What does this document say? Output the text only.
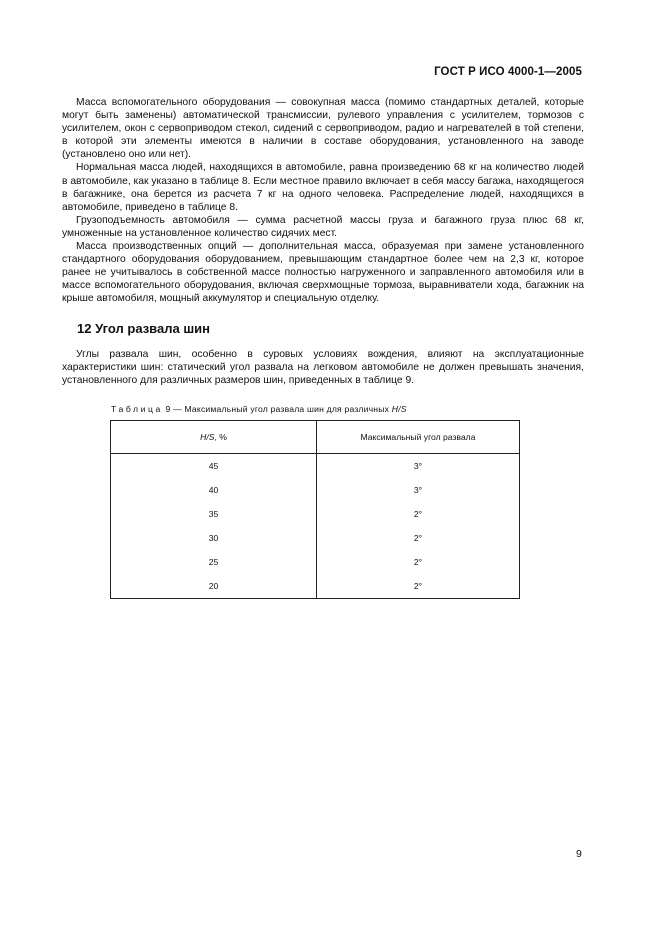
ГОСТ Р ИСО 4000-1—2005

Масса вспомогательного оборудования — совокупная масса (помимо стандартных деталей, которые могут быть заменены) автоматической трансмиссии, рулевого управления с усилителем, тормозов с усилителем, окон с сервоприводом стекол, сидений с сервоприводом, радио и нагревателей в той степени, в которой эти элементы имеются в наличии в составе оборудования, установленного на заводе (установлено оно или нет).

Нормальная масса людей, находящихся в автомобиле, равна произведению 68 кг на количество людей в автомобиле, как указано в таблице 8. Если местное правило включает в себя массу багажа, находящегося в багажнике, она берется из расчета 7 кг на одного человека. Распределение людей, находящихся в автомобиле, приведено в таблице 8.

Грузоподъемность автомобиля — сумма расчетной массы груза и багажного груза плюс 68 кг, умноженные на установленное количество сидячих мест.

Масса производственных опций — дополнительная масса, образуемая при замене установленного стандартного оборудования оборудованием, превышающим стандартное более чем на 2,3 кг, которое ранее не учитывалось в собственной массе полностью нагруженного и заправленного автомобиля или в массе вспомогательного оборудования, включая сверхмощные тормоза, выравниватели хода, багажник на крыше автомобиля, мощный аккумулятор и специальную отделку.

12 Угол развала шин

Углы развала шин, особенно в суровых условиях вождения, влияют на эксплуатационные характеристики шин: статический угол развала на легковом автомобиле не должен превышать значения, установленного для различных размеров шин, приведенных в таблице 9.

Таблица 9 — Максимальный угол развала шин для различных H/S
H/S, %	Максимальный угол развала
45	3°
40	3°
35	2°
30	2°
25	2°
20	2°
9
